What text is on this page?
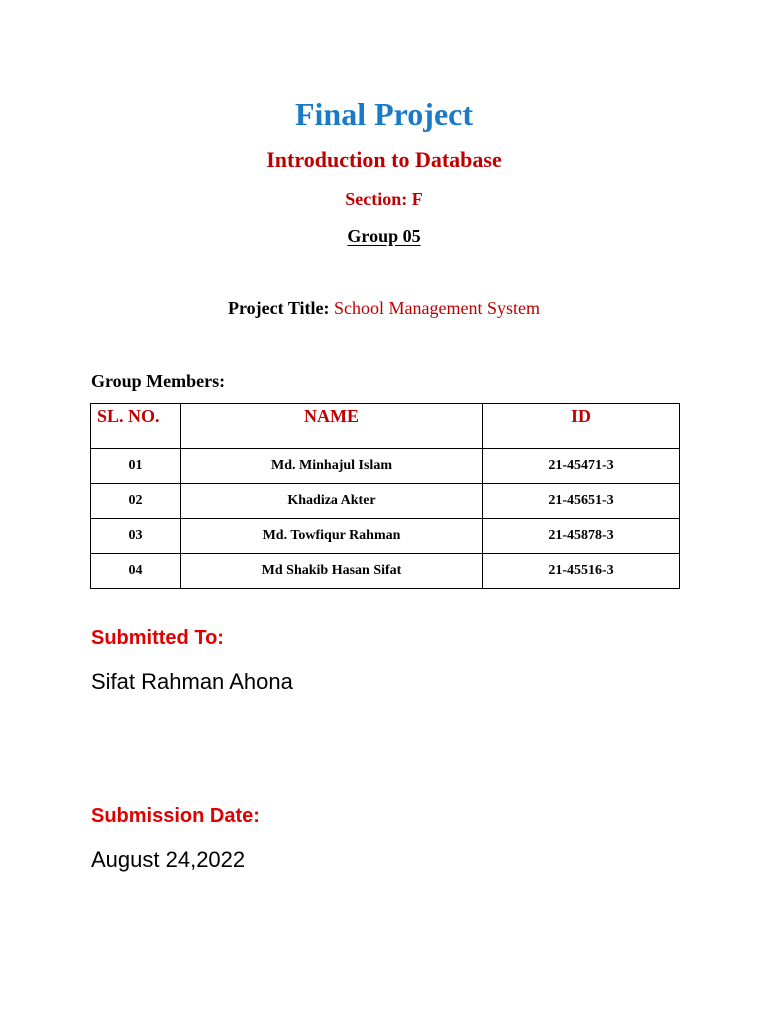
Final Project
Introduction to Database

Section: F

Group 05

Project Title: School Management System

Group Members:

SL. NO.	NAME	ID
01	Md. Minhajul Islam	21-45471-3
02	Khadiza Akter	21-45651-3
03	Md. Towfiqur Rahman	21-45878-3
04	Md Shakib Hasan Sifat	21-45516-3

Submitted To:

Sifat Rahman Ahona

Submission Date:

August 24,2022
